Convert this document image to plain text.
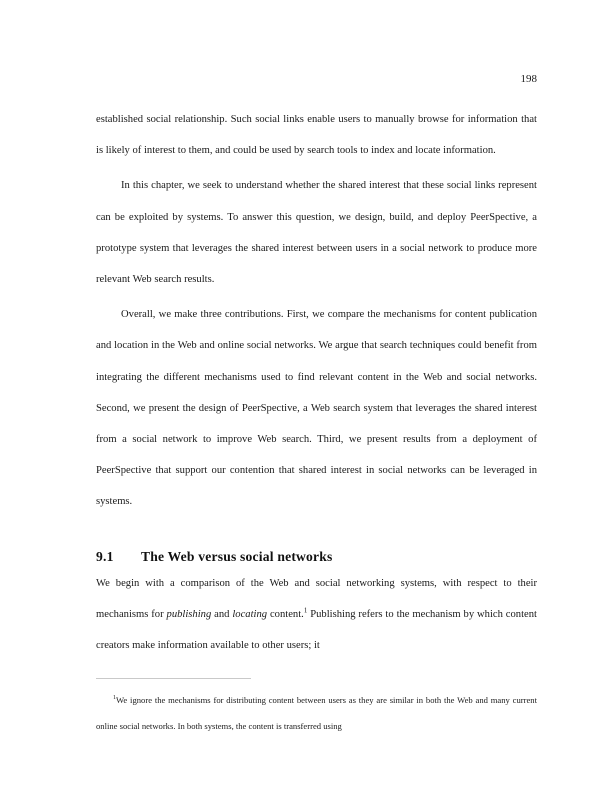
198

established social relationship. Such social links enable users to manually browse for information that is likely of interest to them, and could be used by search tools to index and locate information.

In this chapter, we seek to understand whether the shared interest that these social links represent can be exploited by systems. To answer this question, we design, build, and deploy PeerSpective, a prototype system that leverages the shared interest between users in a social network to produce more relevant Web search results.

Overall, we make three contributions. First, we compare the mechanisms for content publication and location in the Web and online social networks. We argue that search techniques could benefit from integrating the different mechanisms used to find relevant content in the Web and social networks. Second, we present the design of PeerSpective, a Web search system that leverages the shared interest from a social network to improve Web search. Third, we present results from a deployment of PeerSpective that support our contention that shared interest in social networks can be leveraged in systems.

9.1	The Web versus social networks

We begin with a comparison of the Web and social networking systems, with respect to their mechanisms for publishing and locating content.$^1$ Publishing refers to the mechanism by which content creators make information available to other users; it

$^1$We ignore the mechanisms for distributing content between users as they are similar in both the Web and many current online social networks. In both systems, the content is transferred using
